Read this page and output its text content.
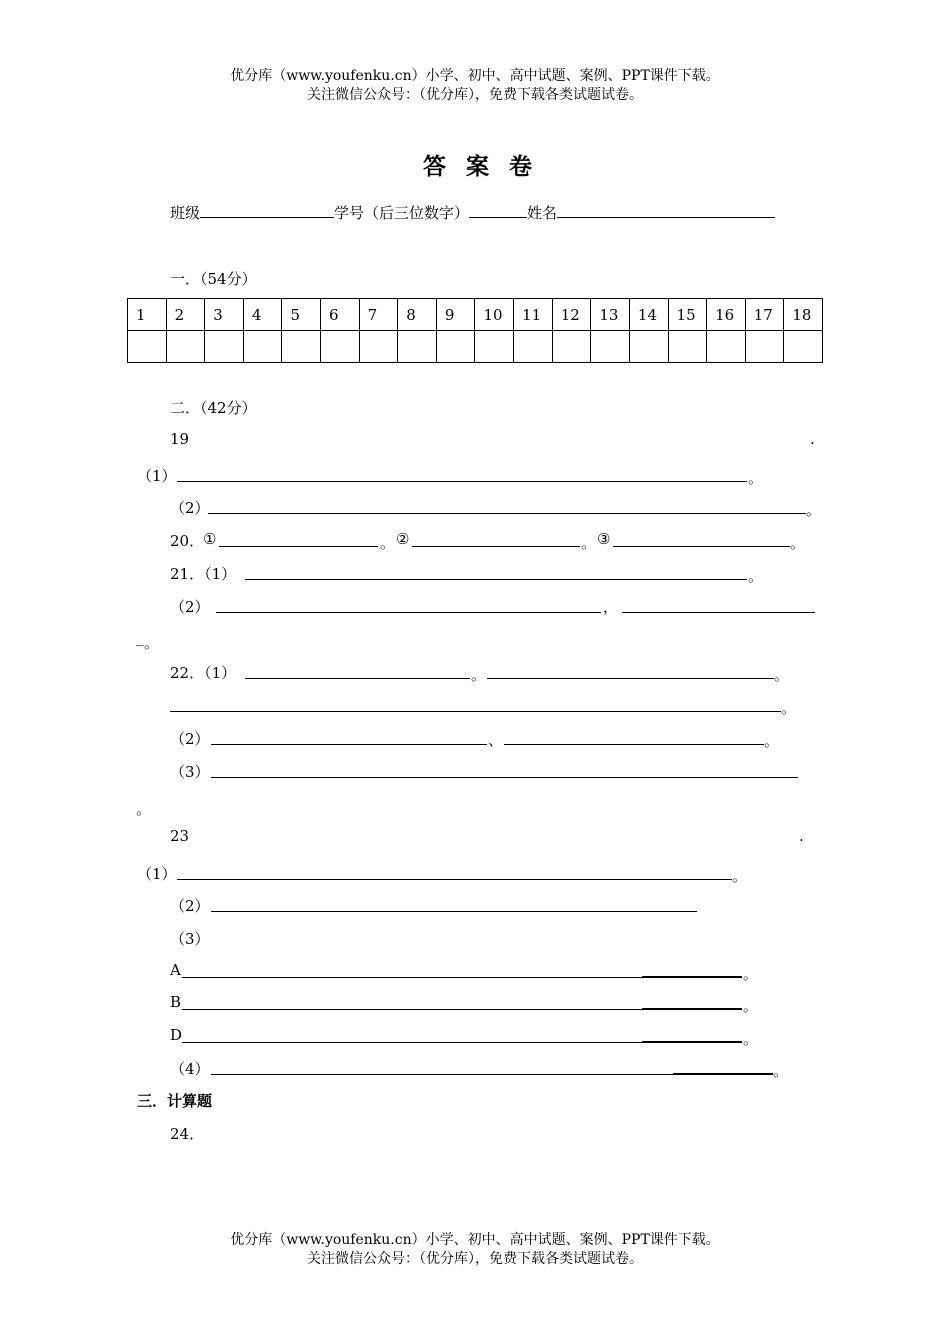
优分库（www.youfenku.cn）小学、初中、高中试题、案例、PPT课件下载。
关注微信公众号：（优分库），免费下载各类试题试卷。
答案卷
班级	学号（后三位数字）	姓名
一．（54分）
1	2	3	4	5	6	7	8	9	10	11	12	13	14	15	16	17	18

二．（42分）
19	.
（1）	。
（2）	。
20．
①	。 ②	。 ③	。
21．（1）	。
（2）	，
_ 。
22．（1）	。	。
。
（2）	、	。
（3）
。
23	.
（1）	。
（2）
（3）
A	。
B	。
D	。
（4）	。
三．计算题
24．
优分库（www.youfenku.cn）小学、初中、高中试题、案例、PPT课件下载。
关注微信公众号：（优分库），免费下载各类试题试卷。
